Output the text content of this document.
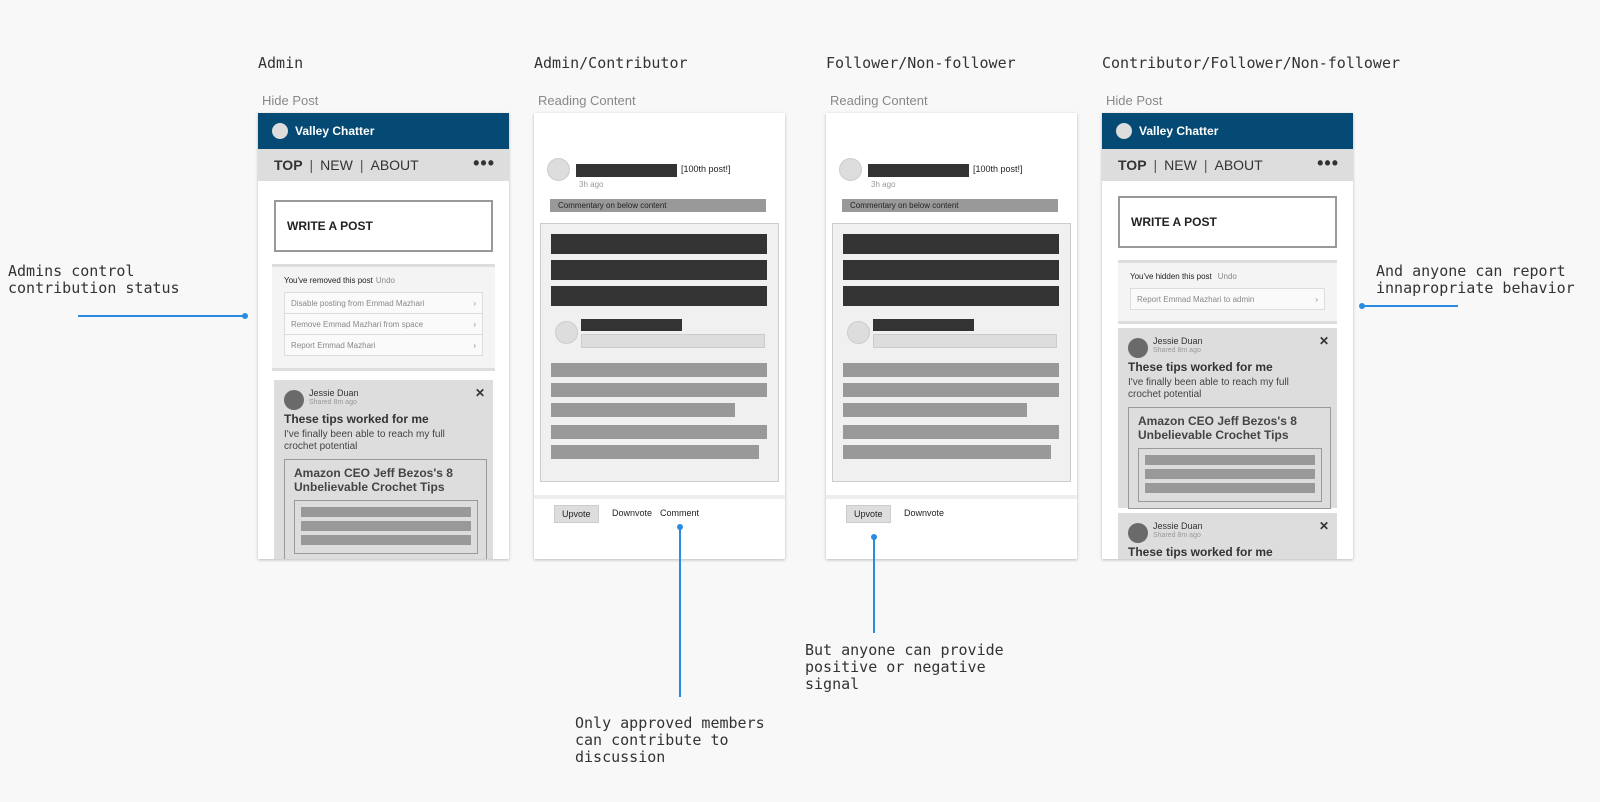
Admin
Hide Post
Admin/Contributor
Reading Content
Follower/Non-follower
Reading Content
Contributor/Follower/Non-follower
Hide Post
Valley Chatter
TOP | NEW | ABOUT	•••
WRITE A POST
You've removed this post Undo
Disable posting from Emmad Mazhari	›
Remove Emmad Mazhari from space	›
Report Emmad Mazhari	›
✕
Jessie Duan
Shared 8m ago
These tips worked for me
I've finally been able to reach my full crochet potential
Amazon CEO Jeff Bezos's 8 Unbelievable Crochet Tips
[100th post!]
3h ago
Commentary on below content
Upvote	Downvote Comment
[100th post!]
3h ago
Commentary on below content
Upvote	Downvote
Valley Chatter
TOP | NEW | ABOUT	•••
WRITE A POST
You've hidden this post Undo
Report Emmad Mazhari to admin	›
✕
Jessie Duan
Shared 8m ago
These tips worked for me
I've finally been able to reach my full crochet potential
Amazon CEO Jeff Bezos's 8 Unbelievable Crochet Tips
✕
Jessie Duan
Shared 8m ago
These tips worked for me
Admins control
contribution status
Only approved members
can contribute to
discussion
But anyone can provide
positive or negative
signal
And anyone can report
innapropriate behavior
